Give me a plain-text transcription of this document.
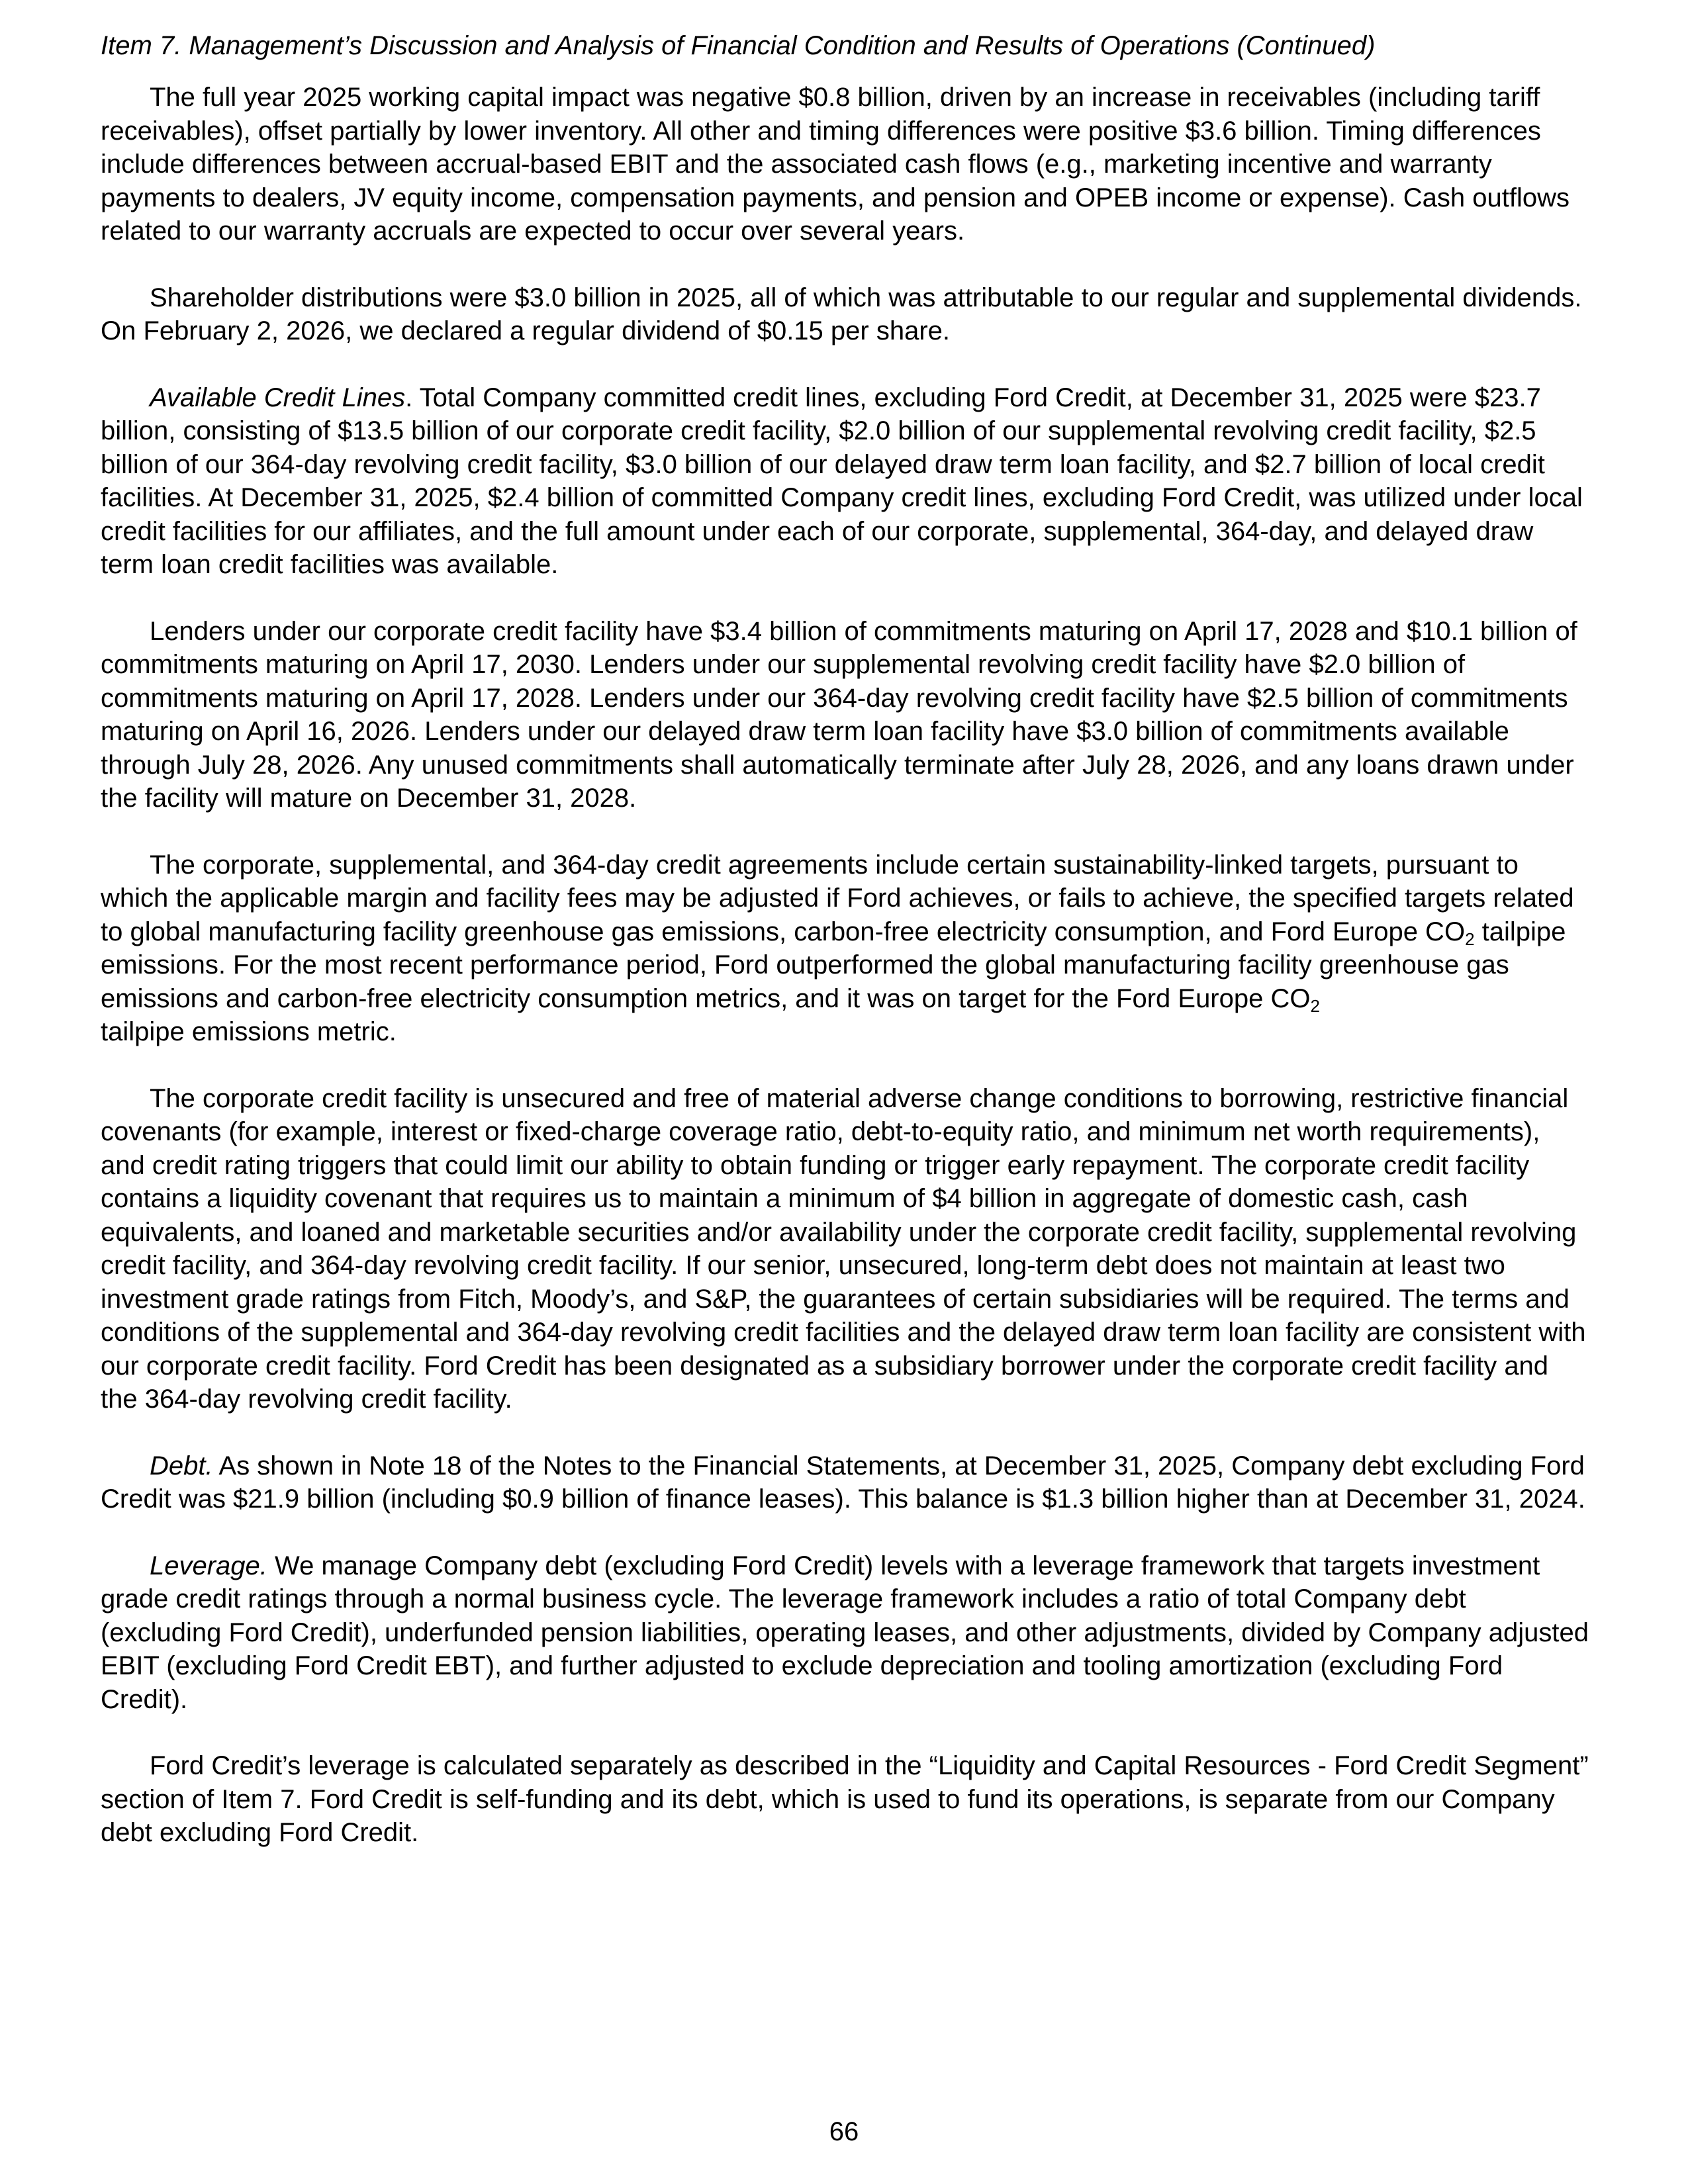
Item 7. Management’s Discussion and Analysis of Financial Condition and Results of Operations (Continued)

The full year 2025 working capital impact was negative $0.8 billion, driven by an increase in receivables (including tariff receivables), offset partially by lower inventory. All other and timing differences were positive $3.6 billion. Timing differences include differences between accrual-based EBIT and the associated cash flows (e.g., marketing incentive and warranty payments to dealers, JV equity income, compensation payments, and pension and OPEB income or expense). Cash outflows related to our warranty accruals are expected to occur over several years.

Shareholder distributions were $3.0 billion in 2025, all of which was attributable to our regular and supplemental dividends. On February 2, 2026, we declared a regular dividend of $0.15 per share.

Available Credit Lines. Total Company committed credit lines, excluding Ford Credit, at December 31, 2025 were $23.7 billion, consisting of $13.5 billion of our corporate credit facility, $2.0 billion of our supplemental revolving credit facility, $2.5 billion of our 364-day revolving credit facility, $3.0 billion of our delayed draw term loan facility, and $2.7 billion of local credit facilities. At December 31, 2025, $2.4 billion of committed Company credit lines, excluding Ford Credit, was utilized under local credit facilities for our affiliates, and the full amount under each of our corporate, supplemental, 364-day, and delayed draw term loan credit facilities was available.

Lenders under our corporate credit facility have $3.4 billion of commitments maturing on April 17, 2028 and $10.1 billion of commitments maturing on April 17, 2030. Lenders under our supplemental revolving credit facility have $2.0 billion of commitments maturing on April 17, 2028. Lenders under our 364-day revolving credit facility have $2.5 billion of commitments maturing on April 16, 2026. Lenders under our delayed draw term loan facility have $3.0 billion of commitments available through July 28, 2026. Any unused commitments shall automatically terminate after July 28, 2026, and any loans drawn under the facility will mature on December 31, 2028.

The corporate, supplemental, and 364-day credit agreements include certain sustainability-linked targets, pursuant to which the applicable margin and facility fees may be adjusted if Ford achieves, or fails to achieve, the specified targets related to global manufacturing facility greenhouse gas emissions, carbon-free electricity consumption, and Ford Europe $CO_2$ tailpipe emissions. For the most recent performance period, Ford outperformed the global manufacturing facility greenhouse gas emissions and carbon-free electricity consumption metrics, and it was on target for the Ford Europe $CO_2$
tailpipe emissions metric.

The corporate credit facility is unsecured and free of material adverse change conditions to borrowing, restrictive financial covenants (for example, interest or fixed-charge coverage ratio, debt-to-equity ratio, and minimum net worth requirements), and credit rating triggers that could limit our ability to obtain funding or trigger early repayment. The corporate credit facility contains a liquidity covenant that requires us to maintain a minimum of $4 billion in aggregate of domestic cash, cash equivalents, and loaned and marketable securities and/or availability under the corporate credit facility, supplemental revolving credit facility, and 364-day revolving credit facility. If our senior, unsecured, long-term debt does not maintain at least two investment grade ratings from Fitch, Moody’s, and S&P, the guarantees of certain subsidiaries will be required. The terms and conditions of the supplemental and 364-day revolving credit facilities and the delayed draw term loan facility are consistent with our corporate credit facility. Ford Credit has been designated as a subsidiary borrower under the corporate credit facility and the 364-day revolving credit facility.

Debt. As shown in Note 18 of the Notes to the Financial Statements, at December 31, 2025, Company debt excluding Ford Credit was $21.9 billion (including $0.9 billion of finance leases). This balance is $1.3 billion higher than at December 31, 2024.

Leverage. We manage Company debt (excluding Ford Credit) levels with a leverage framework that targets investment grade credit ratings through a normal business cycle. The leverage framework includes a ratio of total Company debt (excluding Ford Credit), underfunded pension liabilities, operating leases, and other adjustments, divided by Company adjusted EBIT (excluding Ford Credit EBT), and further adjusted to exclude depreciation and tooling amortization (excluding Ford Credit).

Ford Credit’s leverage is calculated separately as described in the “Liquidity and Capital Resources - Ford Credit Segment” section of Item 7. Ford Credit is self-funding and its debt, which is used to fund its operations, is separate from our Company debt excluding Ford Credit.

66
